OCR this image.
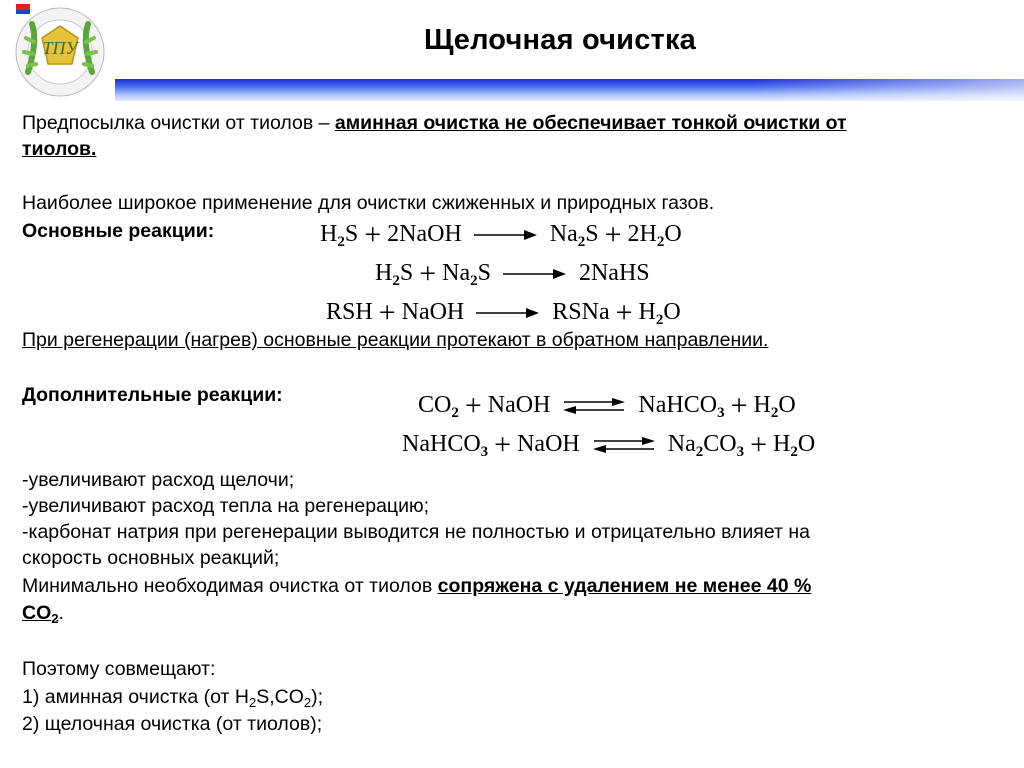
ТПУ	Щелочная очистка
Предпосылка очистки от тиолов – аминная очистка не обеспечивает тонкой очистки от
тиолов.
Наиболее широкое применение для очистки сжиженных и природных газов.
Основные реакции:	$H_2S$ + 2NaOH	$Na_2S + 2H_2O$
$H_2S + Na_2S$	2NaHS
RSH + NaOH	RSNa + $H_2O$
При регенерации (нагрев) основные реакции протекают в обратном направлении.
Дополнительные реакции:	$CO_2$ + NaOH ⇌ NaHCO$_3$ + $H_2O$
NaHCO$_3$ + NaOH ⇌ $Na_2CO_3 + H_2O$
-увеличивают расход щелочи;
-увеличивают расход тепла на регенерацию;
-карбонат натрия при регенерации выводится не полностью и отрицательно влияет на
скорость основных реакций;
Минимально необходимая очистка от тиолов сопряжена с удалением не менее 40 %
$CO_2$.
Поэтому совмещают:
1) аминная очистка (от $H_2S,CO_2$);
2) щелочная очистка (от тиолов);
